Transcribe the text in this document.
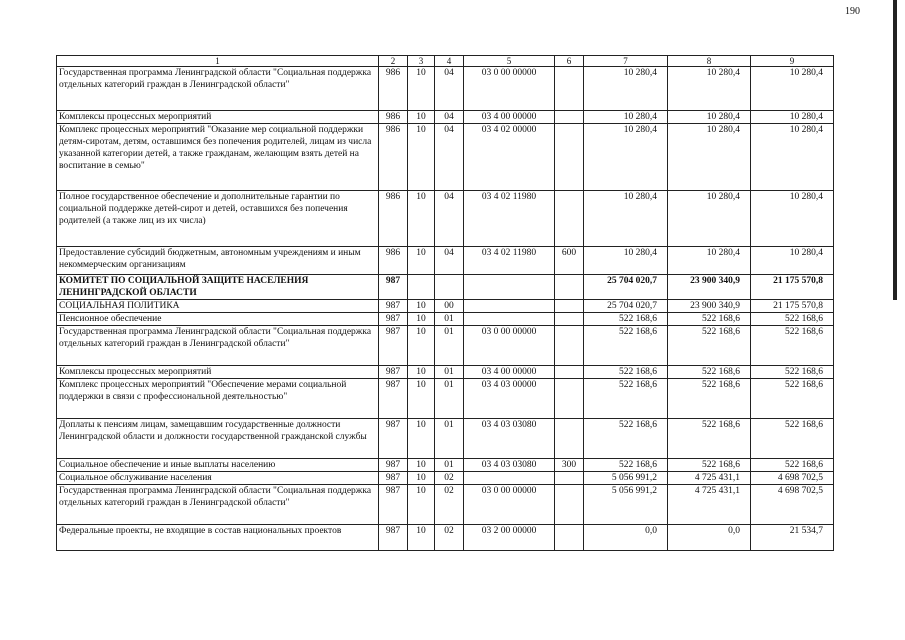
190
1	2	3	4	5	6	7	8	9
Государственная программа Ленинградской области "Социальная поддержка отдельных категорий граждан в Ленинградской области"	986	10	04	03 0 00 00000		10 280,4	10 280,4	10 280,4
Комплексы процессных мероприятий	986	10	04	03 4 00 00000		10 280,4	10 280,4	10 280,4
Комплекс процессных мероприятий "Оказание мер социальной поддержки детям-сиротам, детям, оставшимся без попечения родителей, лицам из числа указанной категории детей, а также гражданам, желающим взять детей на воспитание в семью"	986	10	04	03 4 02 00000		10 280,4	10 280,4	10 280,4
Полное государственное обеспечение и дополнительные гарантии по социальной поддержке детей-сирот и детей, оставшихся без попечения родителей (а также лиц из их числа)	986	10	04	03 4 02 11980		10 280,4	10 280,4	10 280,4
Предоставление субсидий бюджетным, автономным учреждениям и иным некоммерческим организациям	986	10	04	03 4 02 11980	600	10 280,4	10 280,4	10 280,4
КОМИТЕТ ПО СОЦИАЛЬНОЙ ЗАЩИТЕ НАСЕЛЕНИЯ ЛЕНИНГРАДСКОЙ ОБЛАСТИ	987					25 704 020,7	23 900 340,9	21 175 570,8
СОЦИАЛЬНАЯ ПОЛИТИКА	987	10	00			25 704 020,7	23 900 340,9	21 175 570,8
Пенсионное обеспечение	987	10	01			522 168,6	522 168,6	522 168,6
Государственная программа Ленинградской области "Социальная поддержка отдельных категорий граждан в Ленинградской области"	987	10	01	03 0 00 00000		522 168,6	522 168,6	522 168,6
Комплексы процессных мероприятий	987	10	01	03 4 00 00000		522 168,6	522 168,6	522 168,6
Комплекс процессных мероприятий "Обеспечение мерами социальной поддержки в связи с профессиональной деятельностью"	987	10	01	03 4 03 00000		522 168,6	522 168,6	522 168,6
Доплаты к пенсиям лицам, замещавшим государственные должности Ленинградской области и должности государственной гражданской службы	987	10	01	03 4 03 03080		522 168,6	522 168,6	522 168,6
Социальное обеспечение и иные выплаты населению	987	10	01	03 4 03 03080	300	522 168,6	522 168,6	522 168,6
Социальное обслуживание населения	987	10	02			5 056 991,2	4 725 431,1	4 698 702,5
Государственная программа Ленинградской области "Социальная поддержка отдельных категорий граждан в Ленинградской области"	987	10	02	03 0 00 00000		5 056 991,2	4 725 431,1	4 698 702,5
Федеральные проекты, не входящие в состав национальных проектов	987	10	02	03 2 00 00000		0,0	0,0	21 534,7
